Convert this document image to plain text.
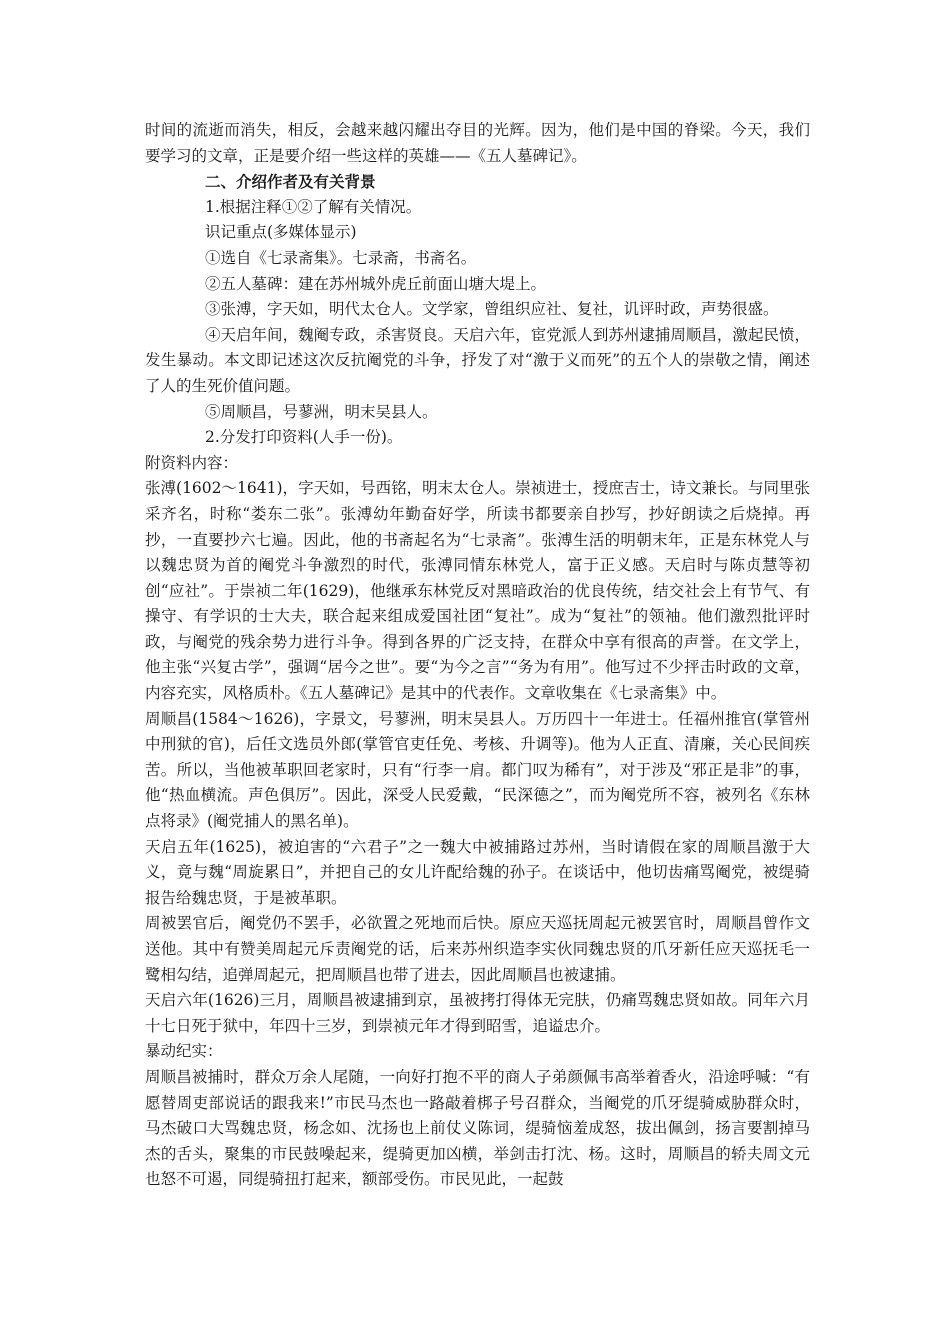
时间的流逝而消失，相反，会越来越闪耀出夺目的光辉。因为，他们是中国的脊梁。今天，我们要学习的文章，正是要介绍一些这样的英雄——《五人墓碑记》。

二、介绍作者及有关背景

1.根据注释①②了解有关情况。

识记重点(多媒体显示)

①选自《七录斋集》。七录斋，书斋名。

②五人墓碑：建在苏州城外虎丘前面山塘大堤上。

③张溥，字天如，明代太仓人。文学家，曾组织应社、复社，讥评时政，声势很盛。

④天启年间，魏阉专政，杀害贤良。天启六年，宦党派人到苏州逮捕周顺昌，激起民愤，发生暴动。本文即记述这次反抗阉党的斗争，抒发了对“激于义而死”的五个人的崇敬之情，阐述了人的生死价值问题。

⑤周顺昌，号蓼洲，明末吴县人。

2.分发打印资料(人手一份)。

附资料内容：

张溥(1602～1641)，字天如，号西铭，明末太仓人。崇祯进士，授庶吉士，诗文兼长。与同里张采齐名，时称“娄东二张”。张溥幼年勤奋好学，所读书都要亲自抄写，抄好朗读之后烧掉。再抄，一直要抄六七遍。因此，他的书斋起名为“七录斋”。张溥生活的明朝末年，正是东林党人与以魏忠贤为首的阉党斗争激烈的时代，张溥同情东林党人，富于正义感。天启时与陈贞慧等初创“应社”。于崇祯二年(1629)，他继承东林党反对黑暗政治的优良传统，结交社会上有节气、有操守、有学识的士大夫，联合起来组成爱国社团“复社”。成为“复社”的领袖。他们激烈批评时政，与阉党的残余势力进行斗争。得到各界的广泛支持，在群众中享有很高的声誉。在文学上，他主张“兴复古学”，强调“居今之世”。要“为今之言”“务为有用”。他写过不少抨击时政的文章，内容充实，风格质朴。《五人墓碑记》是其中的代表作。文章收集在《七录斋集》中。

周顺昌(1584～1626)，字景文，号蓼洲，明末吴县人。万历四十一年进士。任福州推官(掌管州中刑狱的官)，后任文选员外郎(掌管官吏任免、考核、升调等)。他为人正直、清廉，关心民间疾苦。所以，当他被革职回老家时，只有“行李一肩。都门叹为稀有”，对于涉及“邪正是非”的事，他“热血横流。声色俱厉”。因此，深受人民爱戴，“民深德之”，而为阉党所不容，被列名《东林点将录》(阉党捕人的黑名单)。

天启五年(1625)，被迫害的“六君子”之一魏大中被捕路过苏州，当时请假在家的周顺昌激于大义，竟与魏“周旋累日”，并把自己的女儿许配给魏的孙子。在谈话中，他切齿痛骂阉党，被缇骑报告给魏忠贤，于是被革职。

周被罢官后，阉党仍不罢手，必欲置之死地而后快。原应天巡抚周起元被罢官时，周顺昌曾作文送他。其中有赞美周起元斥责阉党的话，后来苏州织造李实伙同魏忠贤的爪牙新任应天巡抚毛一鹭相勾结，追弹周起元，把周顺昌也带了进去，因此周顺昌也被逮捕。

天启六年(1626)三月，周顺昌被逮捕到京，虽被拷打得体无完肤，仍痛骂魏忠贤如故。同年六月十七日死于狱中，年四十三岁，到崇祯元年才得到昭雪，追谥忠介。

暴动纪实：

周顺昌被捕时，群众万余人尾随，一向好打抱不平的商人子弟颜佩韦高举着香火，沿途呼喊：“有愿替周吏部说话的跟我来!”市民马杰也一路敲着梆子号召群众，当阉党的爪牙缇骑威胁群众时，马杰破口大骂魏忠贤，杨念如、沈扬也上前仗义陈词，缇骑恼羞成怒，拔出佩剑，扬言要割掉马杰的舌头，聚集的市民鼓噪起来，缇骑更加凶横，举剑击打沈、杨。这时，周顺昌的轿夫周文元也怒不可遏，同缇骑扭打起来，额部受伤。市民见此，一起鼓
